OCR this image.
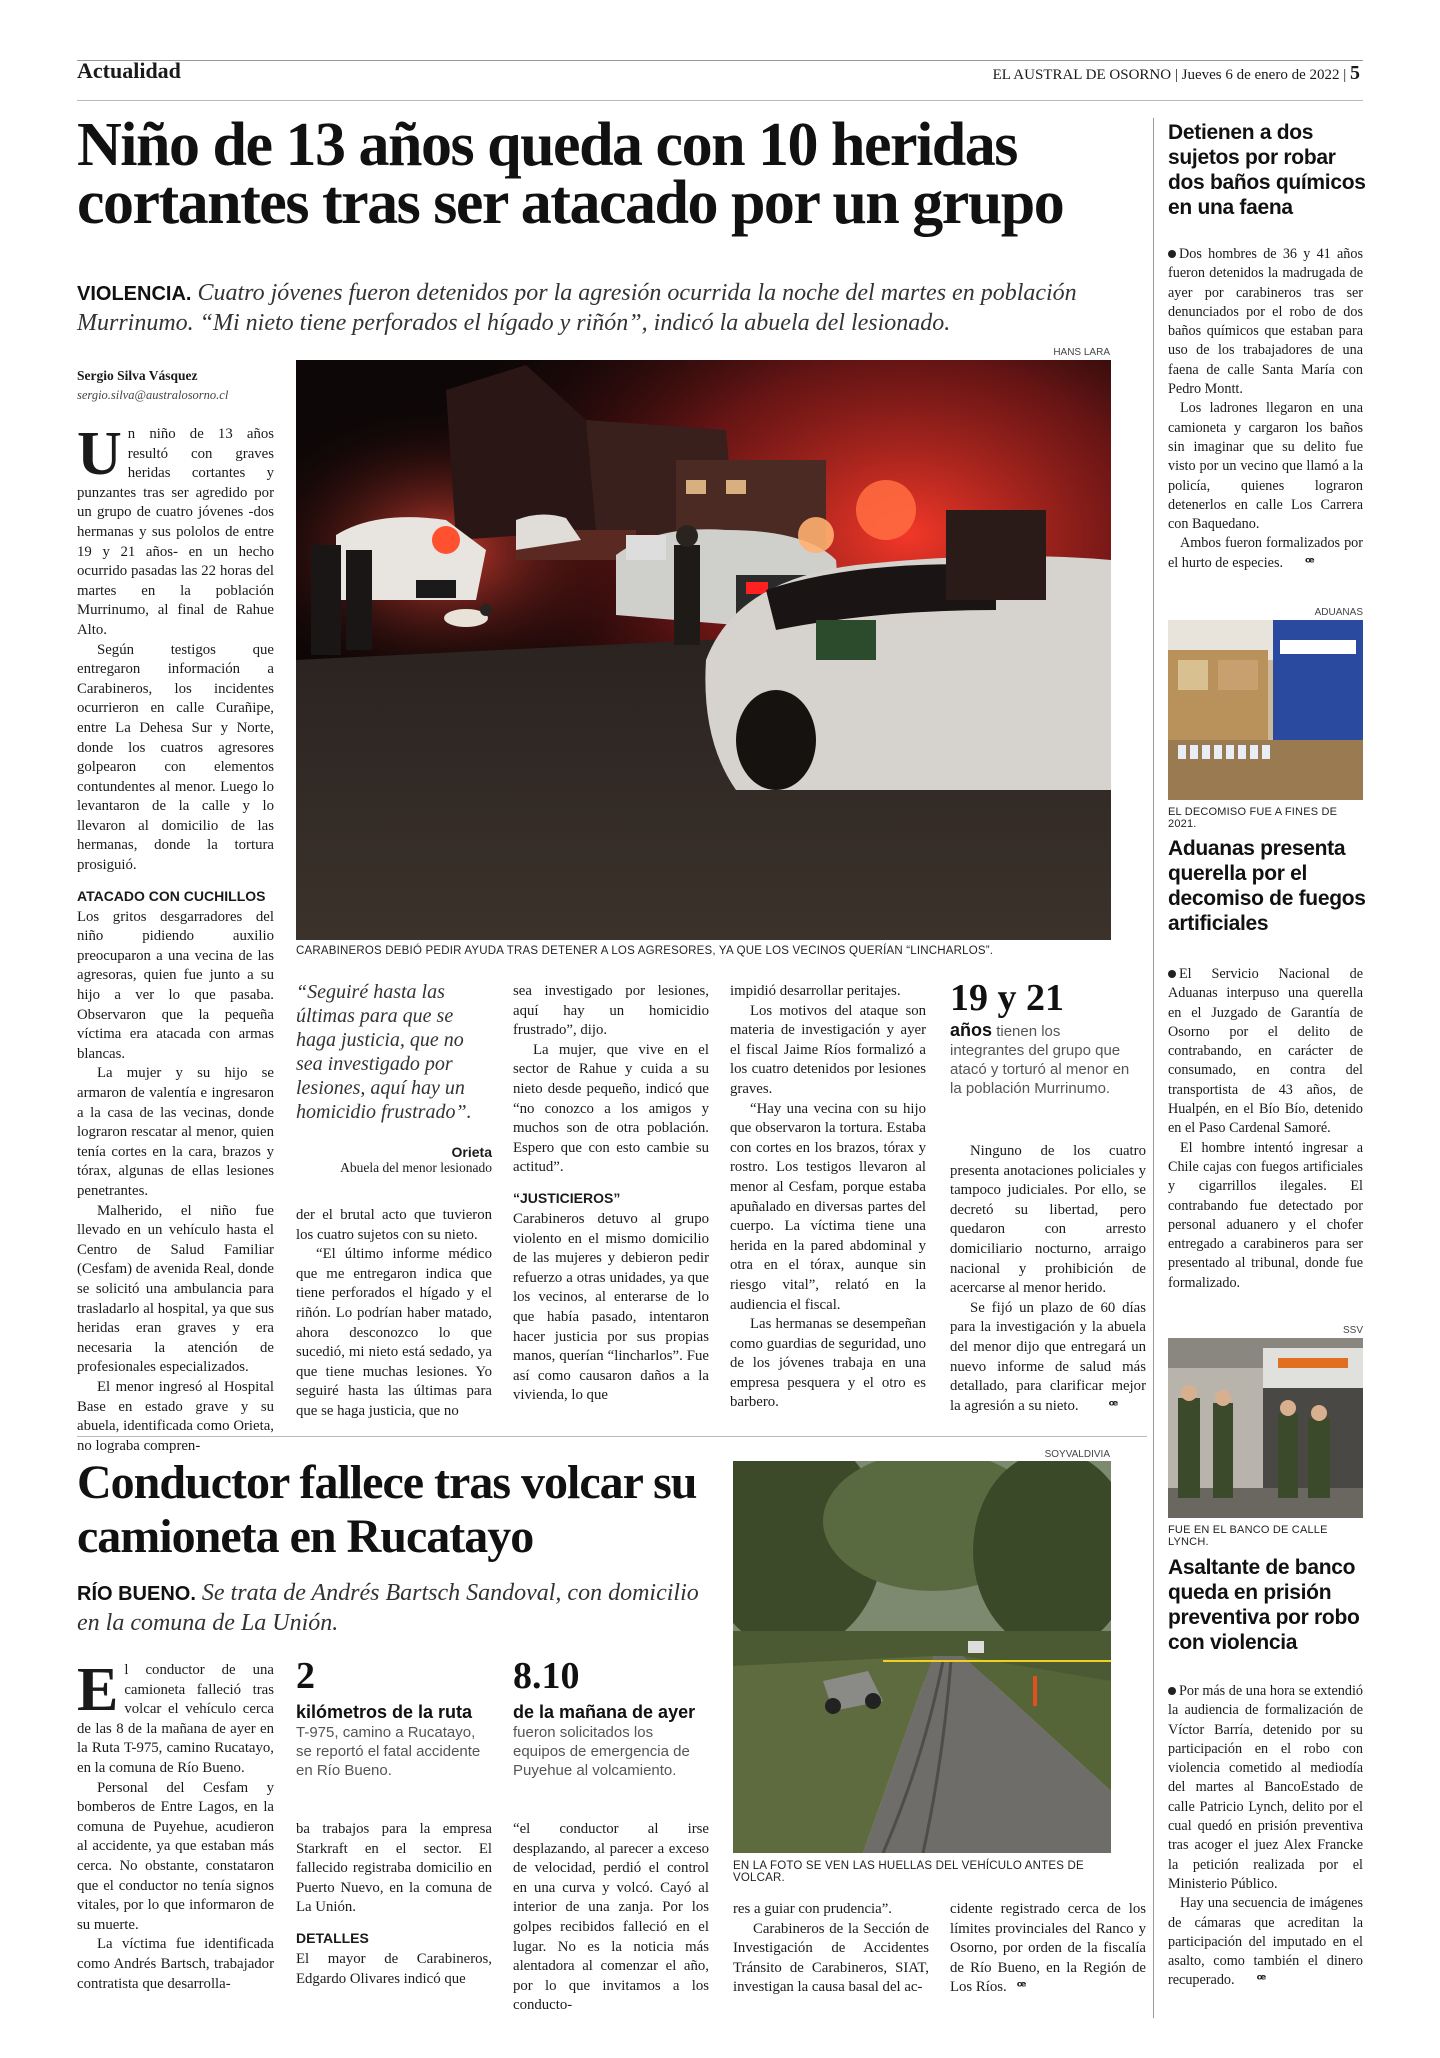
Actualidad	EL AUSTRAL DE OSORNO | Jueves 6 de enero de 2022 | 5
Niño de 13 años queda con 10 heridas cortantes tras ser atacado por un grupo
VIOLENCIA. Cuatro jóvenes fueron detenidos por la agresión ocurrida la noche del martes en población Murrinumo. “Mi nieto tiene perforados el hígado y riñón”, indicó la abuela del lesionado.
Sergio Silva Vásquez
sergio.silva@australosorno.cl
HANS LARA
CARABINEROS DEBIÓ PEDIR AYUDA TRAS DETENER A LOS AGRESORES, YA QUE LOS VECINOS QUERÍAN “LINCHARLOS”.

Un niño de 13 años resultó con graves heridas cortantes y punzantes tras ser agredido por un grupo de cuatro jóvenes -dos hermanas y sus pololos de entre 19 y 21 años- en un hecho ocurrido pasadas las 22 horas del martes en la población Murrinumo, al final de Rahue Alto.

Según testigos que entregaron información a Carabineros, los incidentes ocurrieron en calle Curañipe, entre La Dehesa Sur y Norte, donde los cuatros agresores golpearon con elementos contundentes al menor. Luego lo levantaron de la calle y lo llevaron al domicilio de las hermanas, donde la tortura prosiguió.

ATACADO CON CUCHILLOS

Los gritos desgarradores del niño pidiendo auxilio preocuparon a una vecina de las agresoras, quien fue junto a su hijo a ver lo que pasaba. Observaron que la pequeña víctima era atacada con armas blancas.

La mujer y su hijo se armaron de valentía e ingresaron a la casa de las vecinas, donde lograron rescatar al menor, quien tenía cortes en la cara, brazos y tórax, algunas de ellas lesiones penetrantes.

Malherido, el niño fue llevado en un vehículo hasta el Centro de Salud Familiar (Cesfam) de avenida Real, donde se solicitó una ambulancia para trasladarlo al hospital, ya que sus heridas eran graves y era necesaria la atención de profesionales especializados.

El menor ingresó al Hospital Base en estado grave y su abuela, identificada como Orieta, no lograba compren-

“Seguiré hasta las últimas para que se haga justicia, que no sea investigado por lesiones, aquí hay un homicidio frustrado”.
Orieta
Abuela del menor lesionado

der el brutal acto que tuvieron los cuatro sujetos con su nieto.

“El último informe médico que me entregaron indica que tiene perforados el hígado y el riñón. Lo podrían haber matado, ahora desconozco lo que sucedió, mi nieto está sedado, ya que tiene muchas lesiones. Yo seguiré hasta las últimas para que se haga justicia, que no

sea investigado por lesiones, aquí hay un homicidio frustrado”, dijo.

La mujer, que vive en el sector de Rahue y cuida a su nieto desde pequeño, indicó que “no conozco a los amigos y muchos son de otra población. Espero que con esto cambie su actitud”.

“JUSTICIEROS”

Carabineros detuvo al grupo violento en el mismo domicilio de las mujeres y debieron pedir refuerzo a otras unidades, ya que los vecinos, al enterarse de lo que había pasado, intentaron hacer justicia por sus propias manos, querían “lincharlos”. Fue así como causaron daños a la vivienda, lo que

impidió desarrollar peritajes.

Los motivos del ataque son materia de investigación y ayer el fiscal Jaime Ríos formalizó a los cuatro detenidos por lesiones graves.

“Hay una vecina con su hijo que observaron la tortura. Estaba con cortes en los brazos, tórax y rostro. Los testigos llevaron al menor al Cesfam, porque estaba apuñalado en diversas partes del cuerpo. La víctima tiene una herida en la pared abdominal y otra en el tórax, aunque sin riesgo vital”, relató en la audiencia el fiscal.

Las hermanas se desempeñan como guardias de seguridad, uno de los jóvenes trabaja en una empresa pesquera y el otro es barbero.

19 y 21
años tienen los integrantes del grupo que atacó y torturó al menor en la población Murrinumo.

Ninguno de los cuatro presenta anotaciones policiales y tampoco judiciales. Por ello, se decretó su libertad, pero quedaron con arresto domiciliario nocturno, arraigo nacional y prohibición de acercarse al menor herido.

Se fijó un plazo de 60 días para la investigación y la abuela del menor dijo que entregará un nuevo informe de salud más detallado, para clarificar mejor la agresión a su nieto. ꟹ

Conductor fallece tras volcar su camioneta en Rucatayo
RÍO BUENO. Se trata de Andrés Bartsch Sandoval, con domicilio en la comuna de La Unión.
SOYVALDIVIA
EN LA FOTO SE VEN LAS HUELLAS DEL VEHÍCULO ANTES DE VOLCAR.

El conductor de una camioneta falleció tras volcar el vehículo cerca de las 8 de la mañana de ayer en la Ruta T-975, camino Rucatayo, en la comuna de Río Bueno.

Personal del Cesfam y bomberos de Entre Lagos, en la comuna de Puyehue, acudieron al accidente, ya que estaban más cerca. No obstante, constataron que el conductor no tenía signos vitales, por lo que informaron de su muerte.

La víctima fue identificada como Andrés Bartsch, trabajador contratista que desarrolla-

2
kilómetros de la ruta
T-975, camino a Rucatayo, se reportó el fatal accidente en Río Bueno.
8.10
de la mañana de ayer
fueron solicitados los equipos de emergencia de Puyehue al volcamiento.

ba trabajos para la empresa Starkraft en el sector. El fallecido registraba domicilio en Puerto Nuevo, en la comuna de La Unión.

DETALLES

El mayor de Carabineros, Edgardo Olivares indicó que

“el conductor al irse desplazando, al parecer a exceso de velocidad, perdió el control en una curva y volcó. Cayó al interior de una zanja. Por los golpes recibidos falleció en el lugar. No es la noticia más alentadora al comenzar el año, por lo que invitamos a los conducto-

res a guiar con prudencia”.

Carabineros de la Sección de Investigación de Accidentes Tránsito de Carabineros, SIAT, investigan la causa basal del ac-

cidente registrado cerca de los límites provinciales del Ranco y Osorno, por orden de la fiscalía de Río Bueno, en la Región de Los Ríos. ꟹ

Detienen a dos sujetos por robar dos baños químicos en una faena

Dos hombres de 36 y 41 años fueron detenidos la madrugada de ayer por carabineros tras ser denunciados por el robo de dos baños químicos que estaban para uso de los trabajadores de una faena de calle Santa María con Pedro Montt.

Los ladrones llegaron en una camioneta y cargaron los baños sin imaginar que su delito fue visto por un vecino que llamó a la policía, quienes lograron detenerlos en calle Los Carrera con Baquedano.

Ambos fueron formalizados por el hurto de especies. ꟹ

ADUANAS
EL DECOMISO FUE A FINES DE 2021.
Aduanas presenta querella por el decomiso de fuegos artificiales

El Servicio Nacional de Aduanas interpuso una querella en el Juzgado de Garantía de Osorno por el delito de contrabando, en carácter de consumado, en contra del transportista de 43 años, de Hualpén, en el Bío Bío, detenido en el Paso Cardenal Samoré.

El hombre intentó ingresar a Chile cajas con fuegos artificiales y cigarrillos ilegales. El contrabando fue detectado por personal aduanero y el chofer entregado a carabineros para ser presentado al tribunal, donde fue formalizado.

SSV
FUE EN EL BANCO DE CALLE LYNCH.
Asaltante de banco queda en prisión preventiva por robo con violencia

Por más de una hora se extendió la audiencia de formalización de Víctor Barría, detenido por su participación en el robo con violencia cometido al mediodía del martes al BancoEstado de calle Patricio Lynch, delito por el cual quedó en prisión preventiva tras acoger el juez Alex Francke la petición realizada por el Ministerio Público.

Hay una secuencia de imágenes de cámaras que acreditan la participación del imputado en el asalto, como también el dinero recuperado. ꟹ
